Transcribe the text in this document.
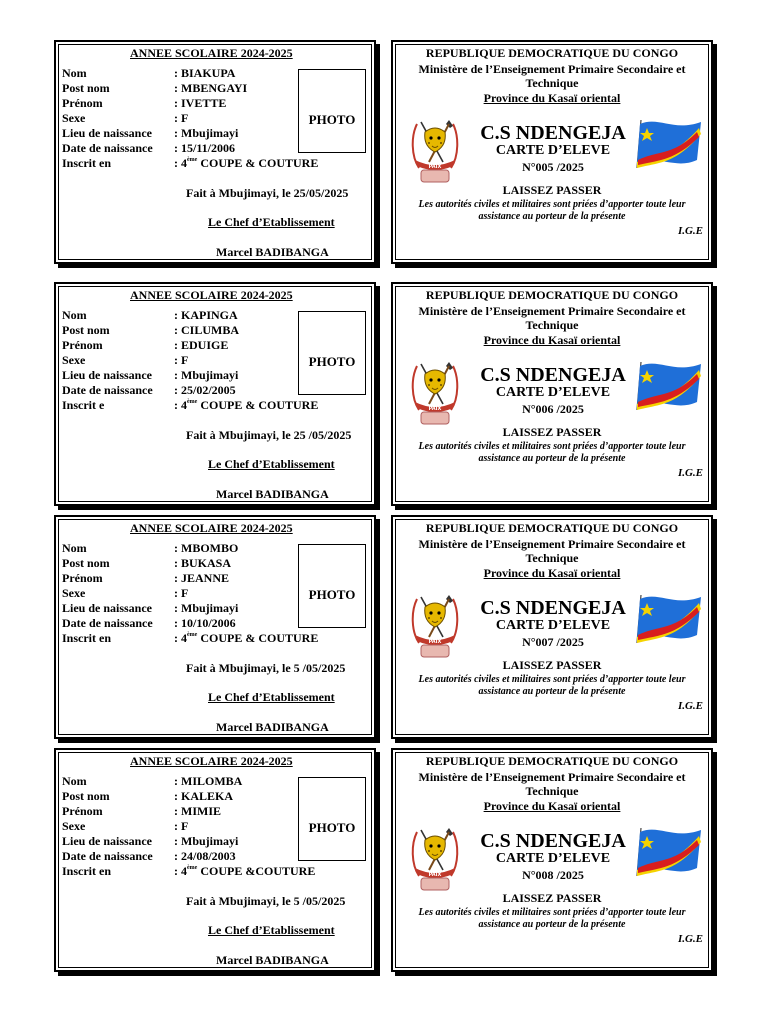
ANNEE SCOLAIRE 2024-2025
Nom	: BIAKUPA
Post nom	: MBENGAYI
Prénom	: IVETTE
Sexe	: F
Lieu de naissance : Mbujimayi
Date de naissance : 15/11/2006
Inscrit en	: 4ème COUPE & COUTURE
PHOTO
Fait à Mbujimayi, le 25/05/2025
Le Chef d’Etablissement
Marcel BADIBANGA
REPUBLIQUE DEMOCRATIQUE DU CONGO
Ministère de l’Enseignement Primaire Secondaire et Technique
Province du Kasaï oriental
PAIX
C.S NDENGEJA
CARTE D’ELEVE
N°005 /2025
LAISSEZ PASSER
Les autorités civiles et militaires sont priées d’apporter toute leur assistance au porteur de la présente
I.G.E
ANNEE SCOLAIRE 2024-2025
Nom	: KAPINGA
Post nom	: CILUMBA
Prénom	: EDUIGE
Sexe	: F
Lieu de naissance : Mbujimayi
Date de naissance : 25/02/2005
Inscrit e	: 4ème COUPE & COUTURE
PHOTO
Fait à Mbujimayi, le 25 /05/2025
Le Chef d’Etablissement
Marcel BADIBANGA
REPUBLIQUE DEMOCRATIQUE DU CONGO
Ministère de l’Enseignement Primaire Secondaire et Technique
Province du Kasaï oriental
PAIX
C.S NDENGEJA
CARTE D’ELEVE
N°006 /2025
LAISSEZ PASSER
Les autorités civiles et militaires sont priées d’apporter toute leur assistance au porteur de la présente
I.G.E
ANNEE SCOLAIRE 2024-2025
Nom	: MBOMBO
Post nom	: BUKASA
Prénom	: JEANNE
Sexe	: F
Lieu de naissance : Mbujimayi
Date de naissance : 10/10/2006
Inscrit en	: 4ème COUPE & COUTURE
PHOTO
Fait à Mbujimayi, le 5 /05/2025
Le Chef d’Etablissement
Marcel BADIBANGA
REPUBLIQUE DEMOCRATIQUE DU CONGO
Ministère de l’Enseignement Primaire Secondaire et Technique
Province du Kasaï oriental
PAIX
C.S NDENGEJA
CARTE D’ELEVE
N°007 /2025
LAISSEZ PASSER
Les autorités civiles et militaires sont priées d’apporter toute leur assistance au porteur de la présente
I.G.E
ANNEE SCOLAIRE 2024-2025
Nom	: MILOMBA
Post nom	: KALEKA
Prénom	: MIMIE
Sexe	: F
Lieu de naissance : Mbujimayi
Date de naissance : 24/08/2003
Inscrit en	: 4ème COUPE &COUTURE
PHOTO
Fait à Mbujimayi, le 5 /05/2025
Le Chef d’Etablissement
Marcel BADIBANGA
REPUBLIQUE DEMOCRATIQUE DU CONGO
Ministère de l’Enseignement Primaire Secondaire et Technique
Province du Kasaï oriental
PAIX
C.S NDENGEJA
CARTE D’ELEVE
N°008 /2025
LAISSEZ PASSER
Les autorités civiles et militaires sont priées d’apporter toute leur assistance au porteur de la présente
I.G.E
